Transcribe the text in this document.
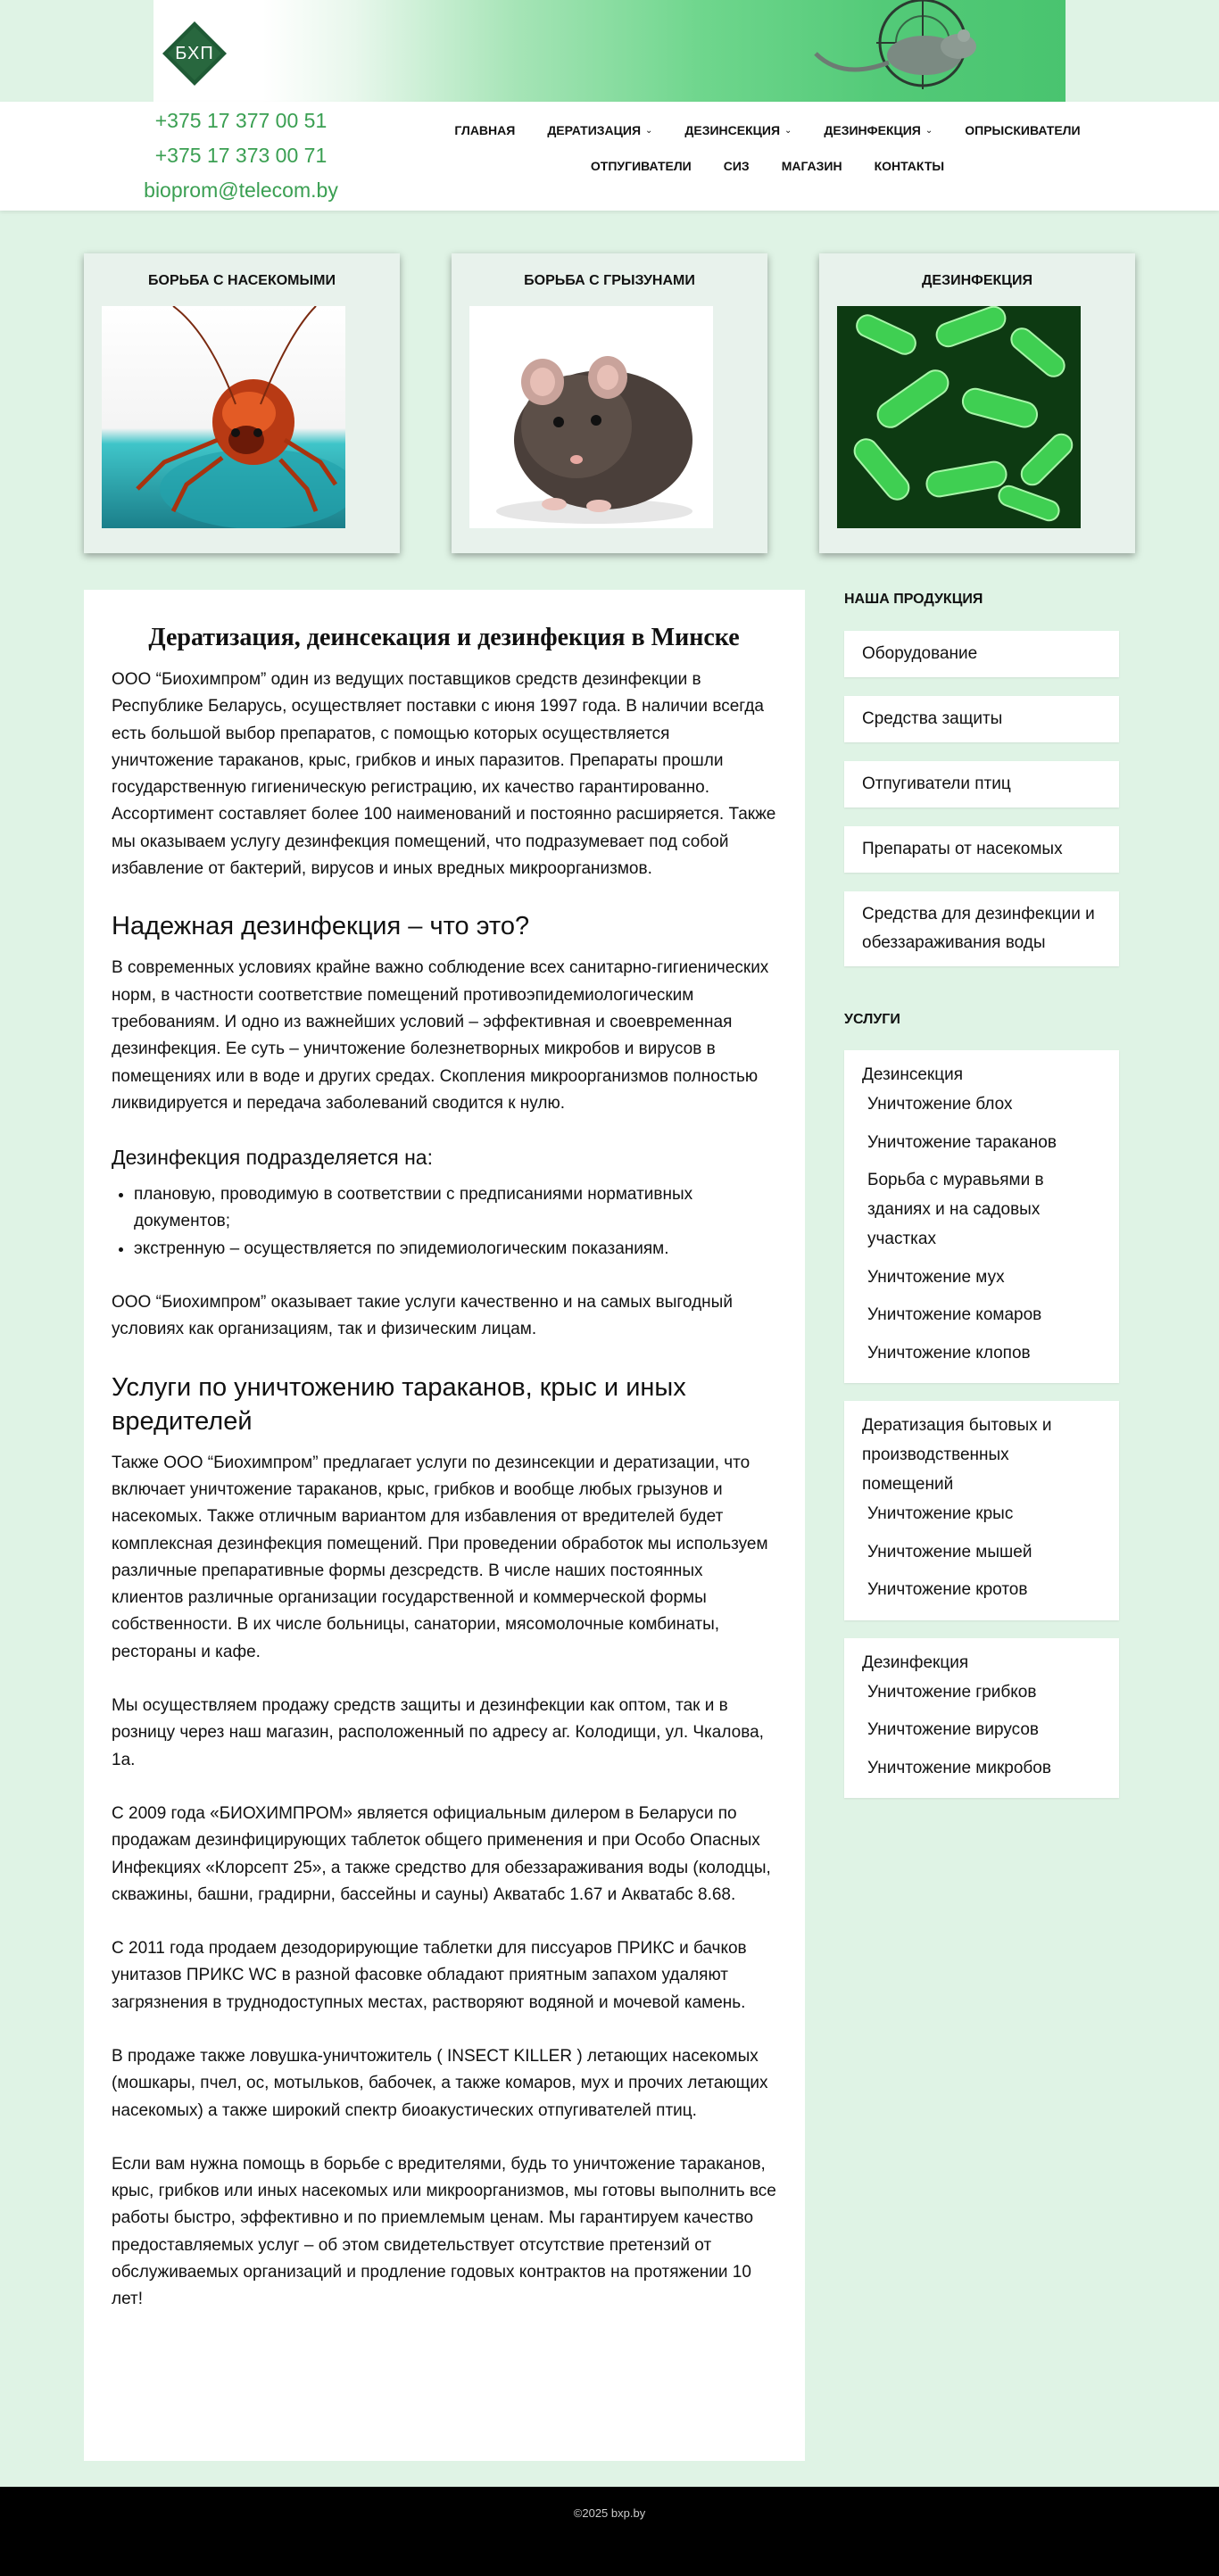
БХП
+375 17 377 00 51
+375 17 373 00 71
bioprom@telecom.by
ГЛАВНАЯ	ДЕРАТИЗАЦИЯ ⌄	ДЕЗИНСЕКЦИЯ ⌄	ДЕЗИНФЕКЦИЯ ⌄	ОПРЫСКИВАТЕЛИ
ОТПУГИВАТЕЛИ	СИЗ	МАГАЗИН	КОНТАКТЫ
БОРЬБА С НАСЕКОМЫМИ	БОРЬБА С ГРЫЗУНАМИ	ДЕЗИНФЕКЦИЯ
Дератизация, деинсекация и дезинфекция в Минске

ООО “Биохимпром” один из ведущих поставщиков средств дезинфекции в Республике Беларусь, осуществляет поставки с июня 1997 года. В наличии всегда есть большой выбор препаратов, с помощью которых осуществляется уничтожение тараканов, крыс, грибков и иных паразитов. Препараты прошли государственную гигиеническую регистрацию, их качество гарантированно. Ассортимент составляет более 100 наименований и постоянно расширяется. Также мы оказываем услугу дезинфекция помещений, что подразумевает под собой избавление от бактерий, вирусов и иных вредных микроорганизмов.

Надежная дезинфекция – что это?

В современных условиях крайне важно соблюдение всех санитарно-гигиенических норм, в частности соответствие помещений противоэпидемиологическим требованиям. И одно из важнейших условий – эффективная и своевременная дезинфекция. Ее суть – уничтожение болезнетворных микробов и вирусов в помещениях или в воде и других средах. Скопления микроорганизмов полностью ликвидируется и передача заболеваний сводится к нулю.

Дезинфекция подразделяется на:
• плановую, проводимую в соответствии с предписаниями нормативных документов;
• экстренную – осуществляется по эпидемиологическим показаниям.

ООО “Биохимпром” оказывает такие услуги качественно и на самых выгодный условиях как организациям, так и физическим лицам.

Услуги по уничтожению тараканов, крыс и иных вредителей

Также ООО “Биохимпром” предлагает услуги по дезинсекции и дератизации, что включает уничтожение тараканов, крыс, грибков и вообще любых грызунов и насекомых. Также отличным вариантом для избавления от вредителей будет комплексная дезинфекция помещений. При проведении обработок мы используем различные препаративные формы дезсредств. В числе наших постоянных клиентов различные организации государственной и коммерческой формы собственности. В их числе больницы, санатории, мясомолочные комбинаты, рестораны и кафе.

Мы осуществляем продажу средств защиты и дезинфекции как оптом, так и в розницу через наш магазин, расположенный по адресу аг. Колодищи, ул. Чкалова, 1а.

С 2009 года «БИОХИМПРОМ» является официальным дилером в Беларуси по продажам дезинфицирующих таблеток общего применения и при Особо Опасных Инфекциях «Клорсепт 25», а также средство для обеззараживания воды (колодцы, скважины, башни, градирни, бассейны и сауны) Акватабс 1.67 и Акватабс 8.68.

С 2011 года продаем дезодорирующие таблетки для писсуаров ПРИКС и бачков унитазов ПРИКС WC в разной фасовке обладают приятным запахом удаляют загрязнения в труднодоступных местах, растворяют водяной и мочевой камень.

В продаже также ловушка-уничтожитель ( INSECT KILLER ) летающих насекомых (мошкары, пчел, ос, мотыльков, бабочек, а также комаров, мух и прочих летающих насекомых) а также широкий спектр биоакустических отпугивателей птиц.

Если вам нужна помощь в борьбе с вредителями, будь то уничтожение тараканов, крыс, грибков или иных насекомых или микроорганизмов, мы готовы выполнить все работы быстро, эффективно и по приемлемым ценам. Мы гарантируем качество предоставляемых услуг – об этом свидетельствует отсутствие претензий от обслуживаемых организаций и продление годовых контрактов на протяжении 10 лет!

НАША ПРОДУКЦИЯ
Оборудование
Средства защиты
Отпугиватели птиц
Препараты от насекомых
Средства для дезинфекции и обеззараживания воды
УСЛУГИ
Дезинсекция
Уничтожение блох
Уничтожение тараканов
Борьба с муравьями в зданиях и на садовых участках
Уничтожение мух
Уничтожение комаров
Уничтожение клопов
Дератизация бытовых и производственных помещений
Уничтожение крыс
Уничтожение мышей
Уничтожение кротов
Дезинфекция
Уничтожение грибков
Уничтожение вирусов
Уничтожение микробов
©2025 bxp.by
